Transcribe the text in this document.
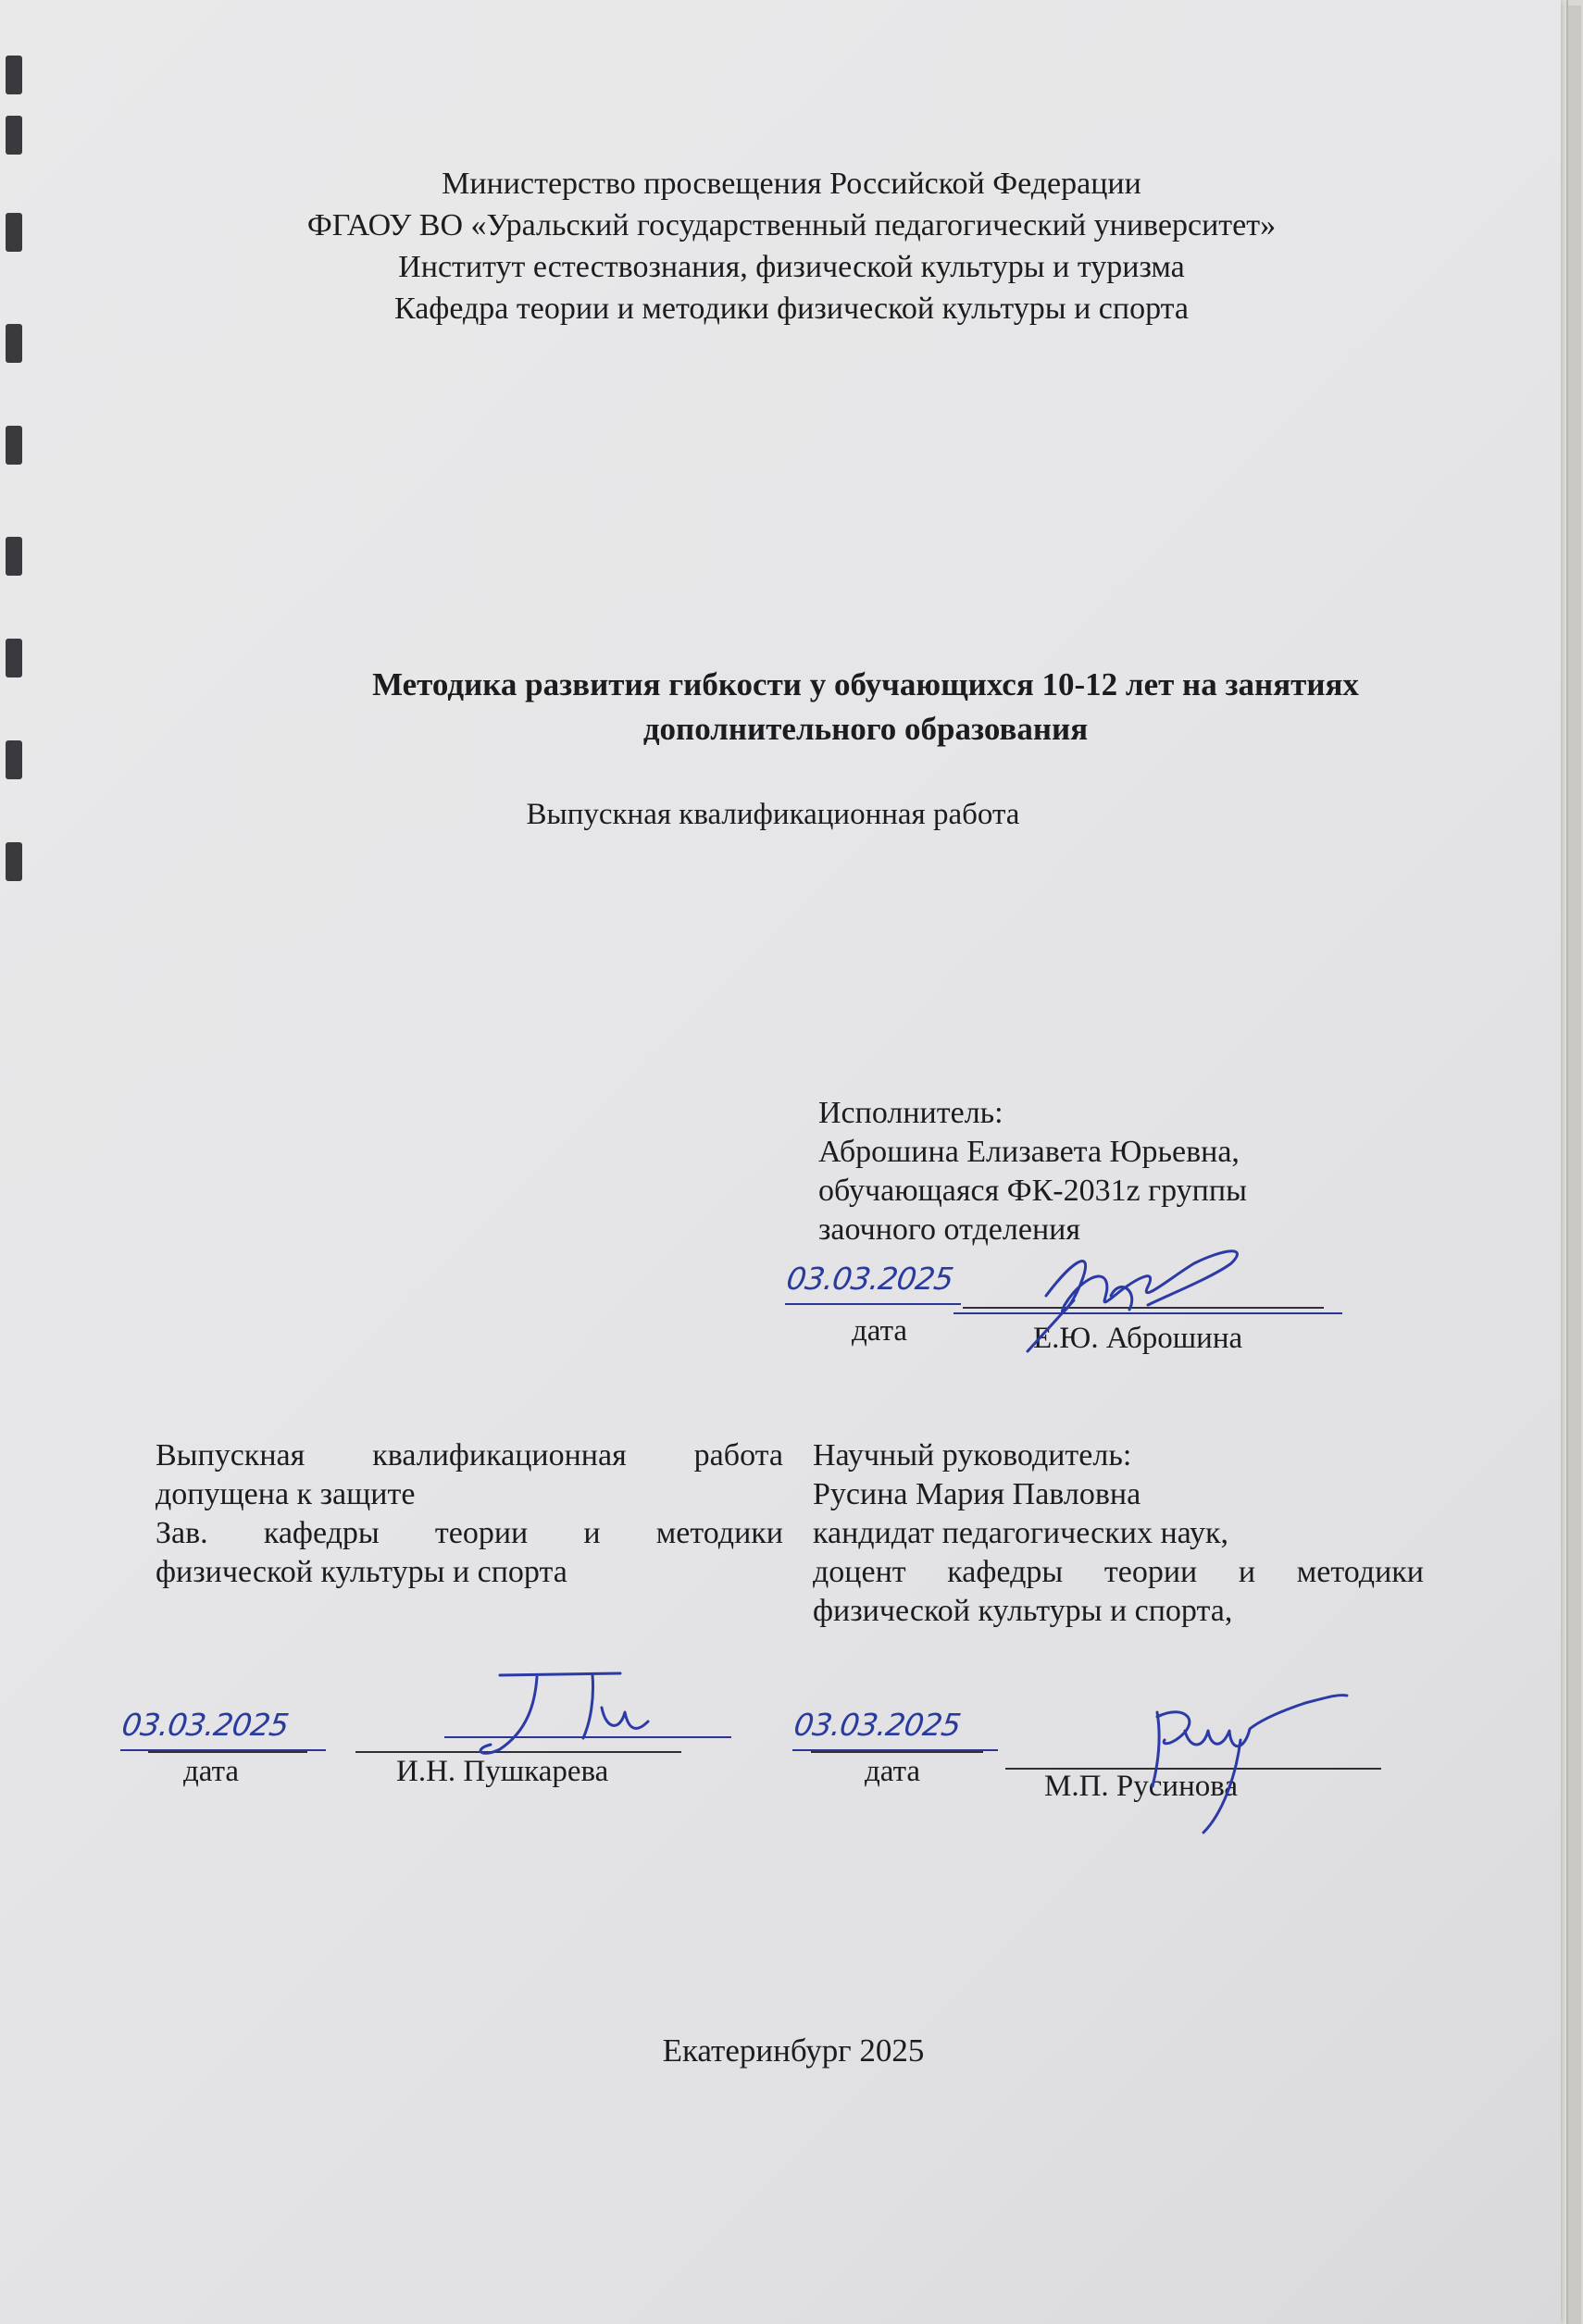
Министерство просвещения Российской Федерации
ФГАОУ ВО «Уральский государственный педагогический университет»
Институт естествознания, физической культуры и туризма
Кафедра теории и методики физической культуры и спорта
Методика развития гибкости у обучающихся 10-12 лет на занятиях
дополнительного образования
Выпускная квалификационная работа
Исполнитель:
Аброшина Елизавета Юрьевна,
обучающаяся ФК-2031z группы
заочного отделения
03.03.2025
дата	Е.Ю. Аброшина
Выпускная квалификационная работа
допущена к защите
Зав. кафедры теории и методики
физической культуры и спорта
Научный руководитель:
Русина Мария Павловна
кандидат педагогических наук,
доцент кафедры теории и методики
физической культуры и спорта,
03.03.2025
дата	И.Н. Пушкарева
03.03.2025
дата	М.П. Русинова
Екатеринбург 2025
